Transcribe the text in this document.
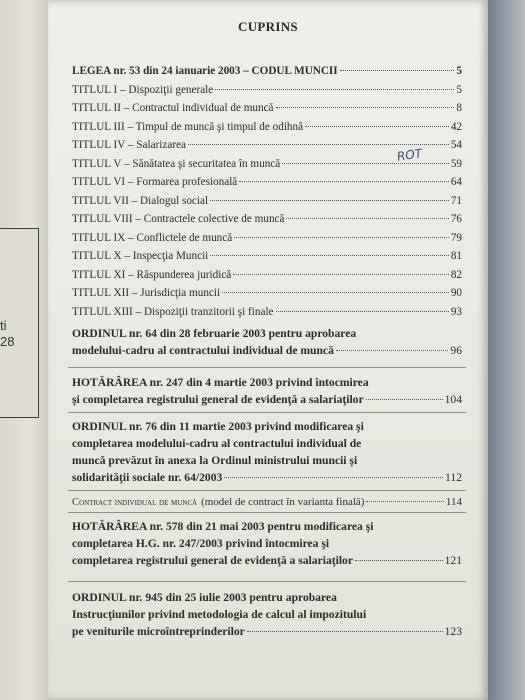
ti
28
CUPRINS
LEGEA nr. 53 din 24 ianuarie 2003 – CODUL MUNCII	5
TITLUL I – Dispoziţii generale	5
TITLUL II – Contractul individual de muncă	8
TITLUL III – Timpul de muncă şi timpul de odihnă	42
TITLUL IV – Salarizarea	54
TITLUL V – Sănătatea şi securitatea în muncă	59
TITLUL VI – Formarea profesională	64
TITLUL VII – Dialogul social	71
TITLUL VIII – Contractele colective de muncă	76
TITLUL IX – Conflictele de muncă	79
TITLUL X – Inspecţia Muncii	81
TITLUL XI – Răspunderea juridică	82
TITLUL XII – Jurisdicţia muncii	90
TITLUL XIII – Dispoziţii tranzitorii şi finale	93
ORDINUL nr. 64 din 28 februarie 2003 pentru aprobarea
modelului-cadru al contractului individual de muncă	96
HOTĂRÂREA nr. 247 din 4 martie 2003 privind întocmirea
şi completarea registrului general de evidenţă a salariaţilor	104
ORDINUL nr. 76 din 11 martie 2003 privind modificarea şi
completarea modelului-cadru al contractului individual de
muncă prevăzut în anexa la Ordinul ministrului muncii şi
solidarităţii sociale nr. 64/2003	112
Contract individual de muncă (model de contract în varianta finală)	114
HOTĂRÂREA nr. 578 din 21 mai 2003 pentru modificarea şi
completarea H.G. nr. 247/2003 privind întocmirea şi
completarea registrului general de evidenţă a salariaţilor	121
ORDINUL nr. 945 din 25 iulie 2003 pentru aprobarea
Instrucţiunilor privind metodologia de calcul al impozitului
pe veniturile microîntreprinderilor	123
ROT
